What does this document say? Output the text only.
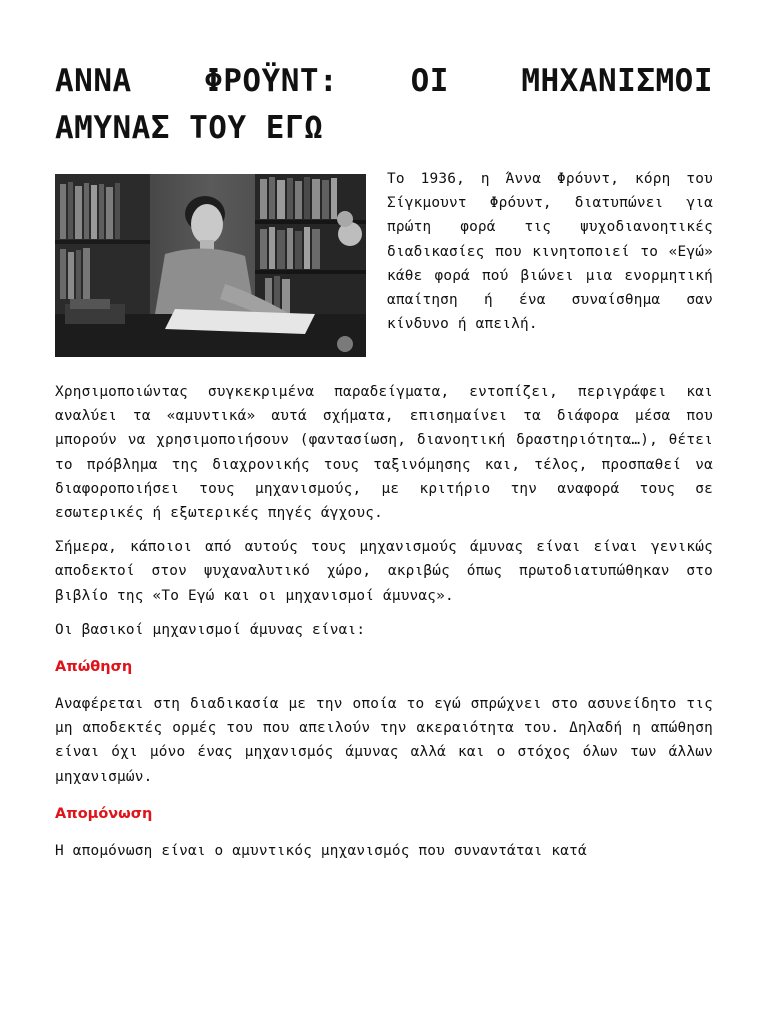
ΑΝΝΑ ΦΡΟΫΝΤ: ΟΙ ΜΗΧΑΝΙΣΜΟΙ
ΑΜΥΝΑΣ ΤΟΥ ΕΓΩ

Το 1936, η Άννα Φρόυντ, κόρη του Σίγκμουντ Φρόυντ, διατυπώνει για πρώτη φορά τις ψυχοδιανοητικές διαδικασίες που κινητοποιεί το «Εγώ» κάθε φορά πού βιώνει μια ενορμητική απαίτηση ή ένα συναίσθημα σαν κίνδυνο ή απειλή.

Χρησιμοποιώντας συγκεκριμένα παραδείγματα, εντοπίζει, περιγράφει και αναλύει τα «αμυντικά» αυτά σχήματα, επισημαίνει τα διάφορα μέσα που μπορούν να χρησιμοποιήσουν (φαντασίωση, διανοητική δραστηριότητα…), θέτει το πρόβλημα της διαχρονικής τους ταξινόμησης και, τέλος, προσπαθεί να διαφοροποιήσει τους μηχανισμούς, με κριτήριο την αναφορά τους σε εσωτερικές ή εξωτερικές πηγές άγχους.

Σήμερα, κάποιοι από αυτούς τους μηχανισμούς άμυνας είναι είναι γενικώς αποδεκτοί στον ψυχαναλυτικό χώρο, ακριβώς όπως πρωτοδιατυπώθηκαν στο βιβλίο της «Το Εγώ και οι μηχανισμοί άμυνας».

Οι βασικοί μηχανισμοί άμυνας είναι:

Απώθηση

Αναφέρεται στη διαδικασία με την οποία το εγώ σπρώχνει στο ασυνείδητο τις μη αποδεκτές ορμές του που απειλούν την ακεραιότητα του. Δηλαδή η απώθηση είναι όχι μόνο ένας μηχανισμός άμυνας αλλά και ο στόχος όλων των άλλων μηχανισμών.

Απομόνωση

Η απομόνωση είναι ο αμυντικός μηχανισμός που συναντάται κατά
